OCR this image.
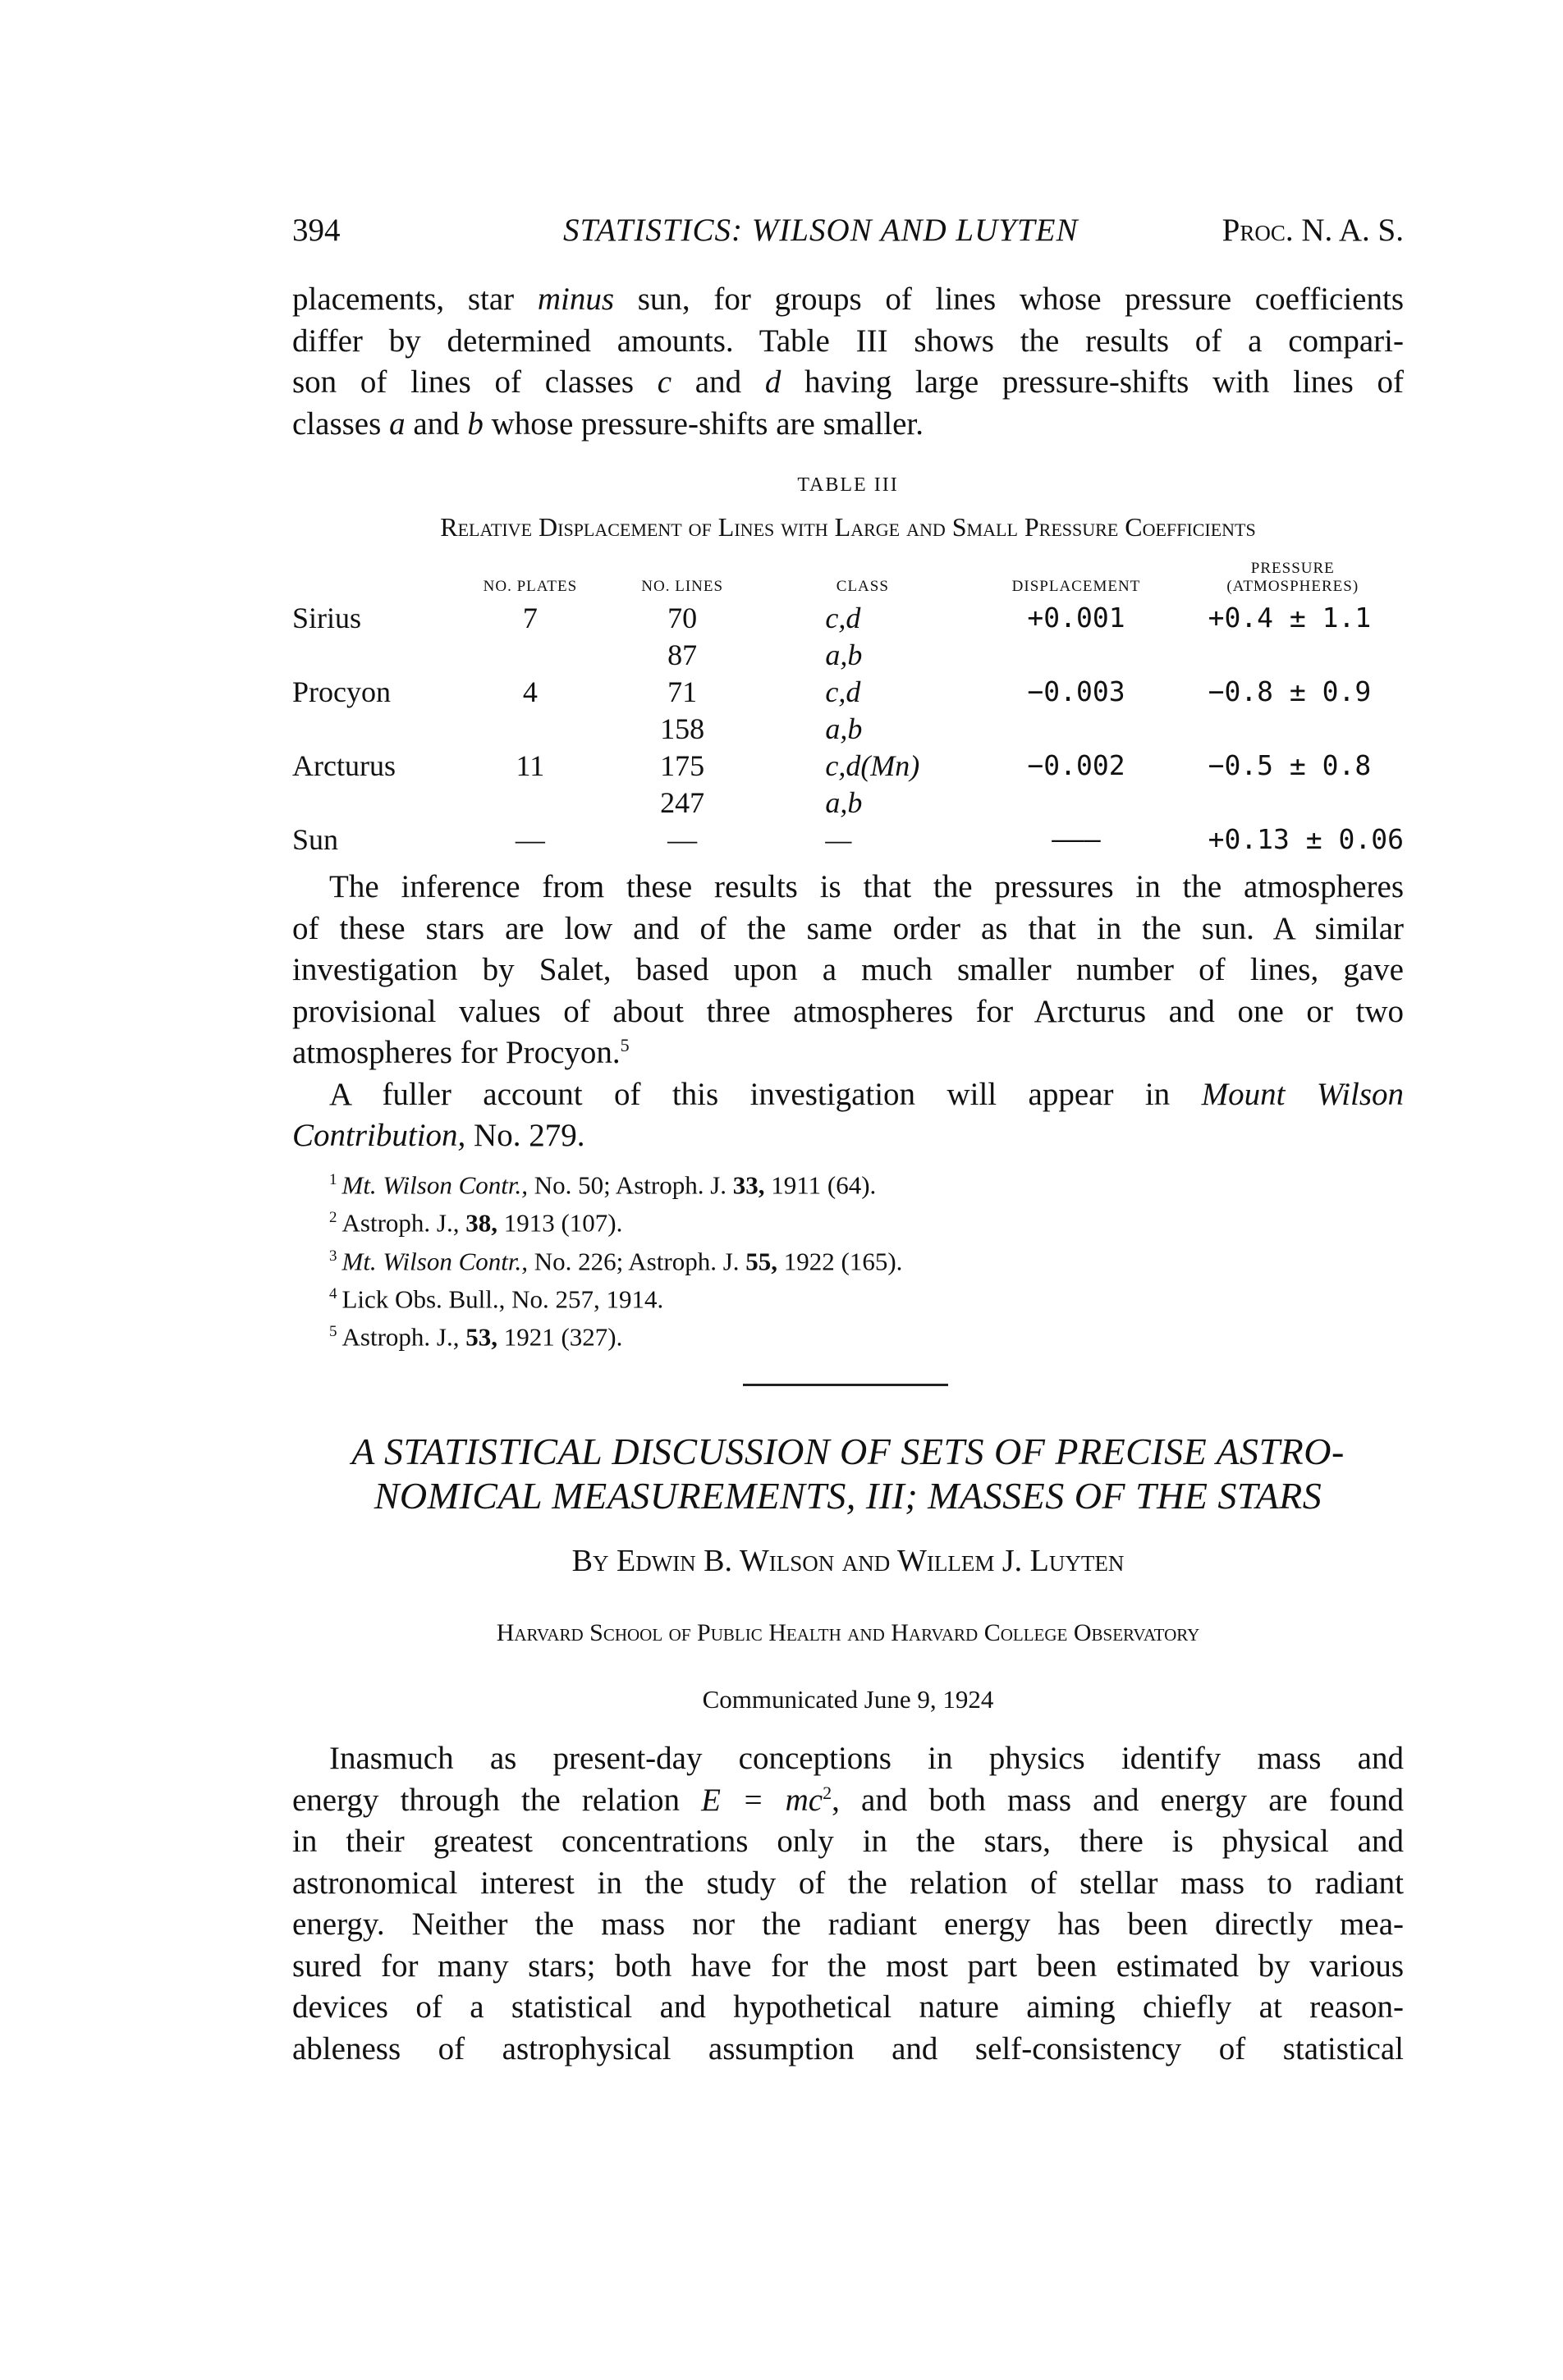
394	STATISTICS: WILSON AND LUYTEN	Proc. N. A. S.
placements, star minus sun, for groups of lines whose pressure coefficients
differ by determined amounts. Table III shows the results of a compari-
son of lines of classes c and d having large pressure-shifts with lines of
classes a and b whose pressure-shifts are smaller.
TABLE III
Relative Displacement of Lines with Large and Small Pressure Coefficients
	NO. PLATES	NO. LINES	CLASS	DISPLACEMENT	PRESSURE
(ATMOSPHERES)
Sirius	7	70	c,d	+0.001	+0.4 ± 1.1
		87	a,b		
Procyon	4	71	c,d	−0.003	−0.8 ± 0.9
		158	a,b		
Arcturus	11	175	c,d(Mn)	−0.002	−0.5 ± 0.8
		247	a,b		
Sun	—	—	—	———	+0.13 ± 0.06
The inference from these results is that the pressures in the atmospheres
of these stars are low and of the same order as that in the sun. A similar
investigation by Salet, based upon a much smaller number of lines, gave
provisional values of about three atmospheres for Arcturus and one or two
atmospheres for Procyon.$^5$
A fuller account of this investigation will appear in Mount Wilson
Contribution, No. 279.
$^1$ Mt. Wilson Contr., No. 50; Astroph. J. 33, 1911 (64).
$^2$ Astroph. J., 38, 1913 (107).
$^3$ Mt. Wilson Contr., No. 226; Astroph. J. 55, 1922 (165).
$^4$ Lick Obs. Bull., No. 257, 1914.
$^5$ Astroph. J., 53, 1921 (327).
A STATISTICAL DISCUSSION OF SETS OF PRECISE ASTRO-
NOMICAL MEASUREMENTS, III; MASSES OF THE STARS
By Edwin B. Wilson and Willem J. Luyten
Harvard School of Public Health and Harvard College Observatory
Communicated June 9, 1924
Inasmuch as present-day conceptions in physics identify mass and
energy through the relation $E = mc^2$, and both mass and energy are found
in their greatest concentrations only in the stars, there is physical and
astronomical interest in the study of the relation of stellar mass to radiant
energy. Neither the mass nor the radiant energy has been directly mea-
sured for many stars; both have for the most part been estimated by various
devices of a statistical and hypothetical nature aiming chiefly at reason-
ableness of astrophysical assumption and self-consistency of statistical
